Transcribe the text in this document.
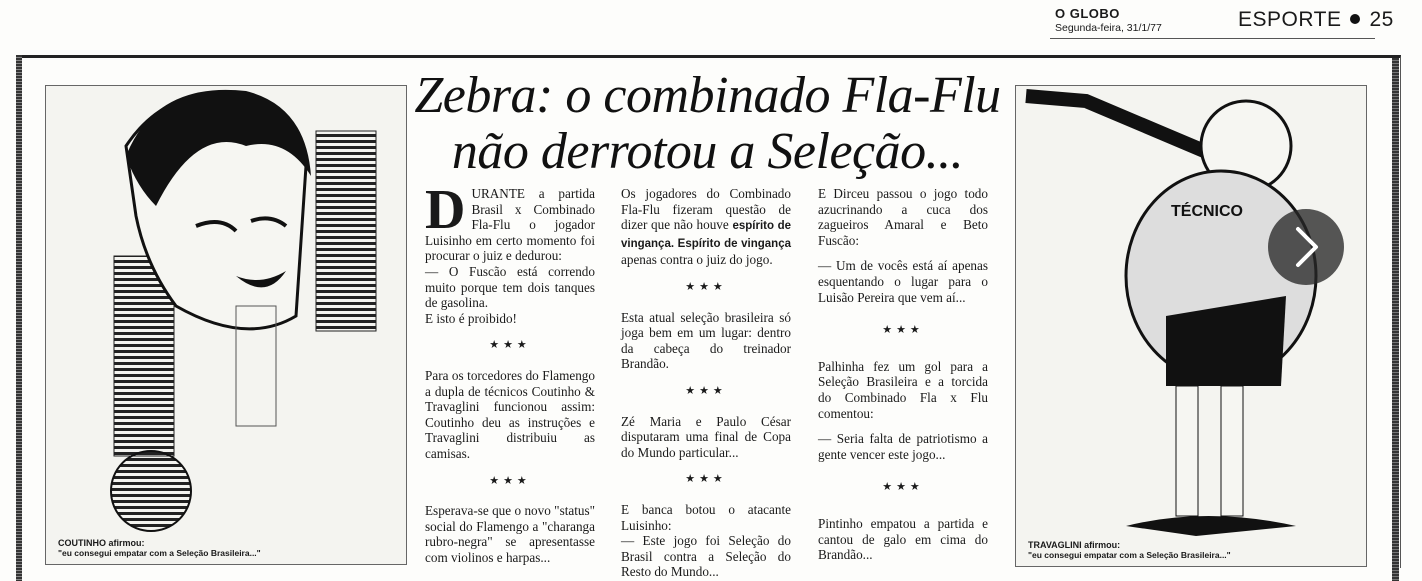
O GLOBO
Segunda-feira, 31/1/77	ESPORTE 25
COUTINHO afirmou:
"eu consegui empatar com a Seleção Brasileira..."
Zebra: o combinado Fla-Flu
não derrotou a Seleção...

DURANTE a partida Brasil x Combinado Fla-Flu o jogador Luisinho em certo momento foi procurar o juiz e dedurou:

— O Fuscão está correndo muito porque tem dois tanques de gasolina.

E isto é proibido!

★★★

Para os torcedores do Flamengo a dupla de técnicos Coutinho & Travaglini funcionou assim: Coutinho deu as instruções e Travaglini distribuiu as camisas.

★★★

Esperava-se que o novo "status" social do Flamengo a "charanga rubro-negra" se apresentasse com violinos e harpas...

Os jogadores do Combinado Fla-Flu fizeram questão de dizer que não houve espírito de vingança. Espírito de vingança apenas contra o juiz do jogo.

★★★

Esta atual seleção brasileira só joga bem em um lugar: dentro da cabeça do treinador Brandão.

★★★

Zé Maria e Paulo César disputaram uma final de Copa do Mundo particular...

★★★

E banca botou o atacante Luisinho:

— Este jogo foi Seleção do Brasil contra a Seleção do Resto do Mundo...

E Dirceu passou o jogo todo azucrinando a cuca dos zagueiros Amaral e Beto Fuscão:

— Um de vocês está aí apenas esquentando o lugar para o Luisão Pereira que vem aí...

★★★

Palhinha fez um gol para a Seleção Brasileira e a torcida do Combinado Fla x Flu comentou:

— Seria falta de patriotismo a gente vencer este jogo...

★★★

Pintinho empatou a partida e cantou de galo em cima do Brandão...

TÉCNICO
TRAVAGLINI afirmou:
"eu consegui empatar com a Seleção Brasileira..."
